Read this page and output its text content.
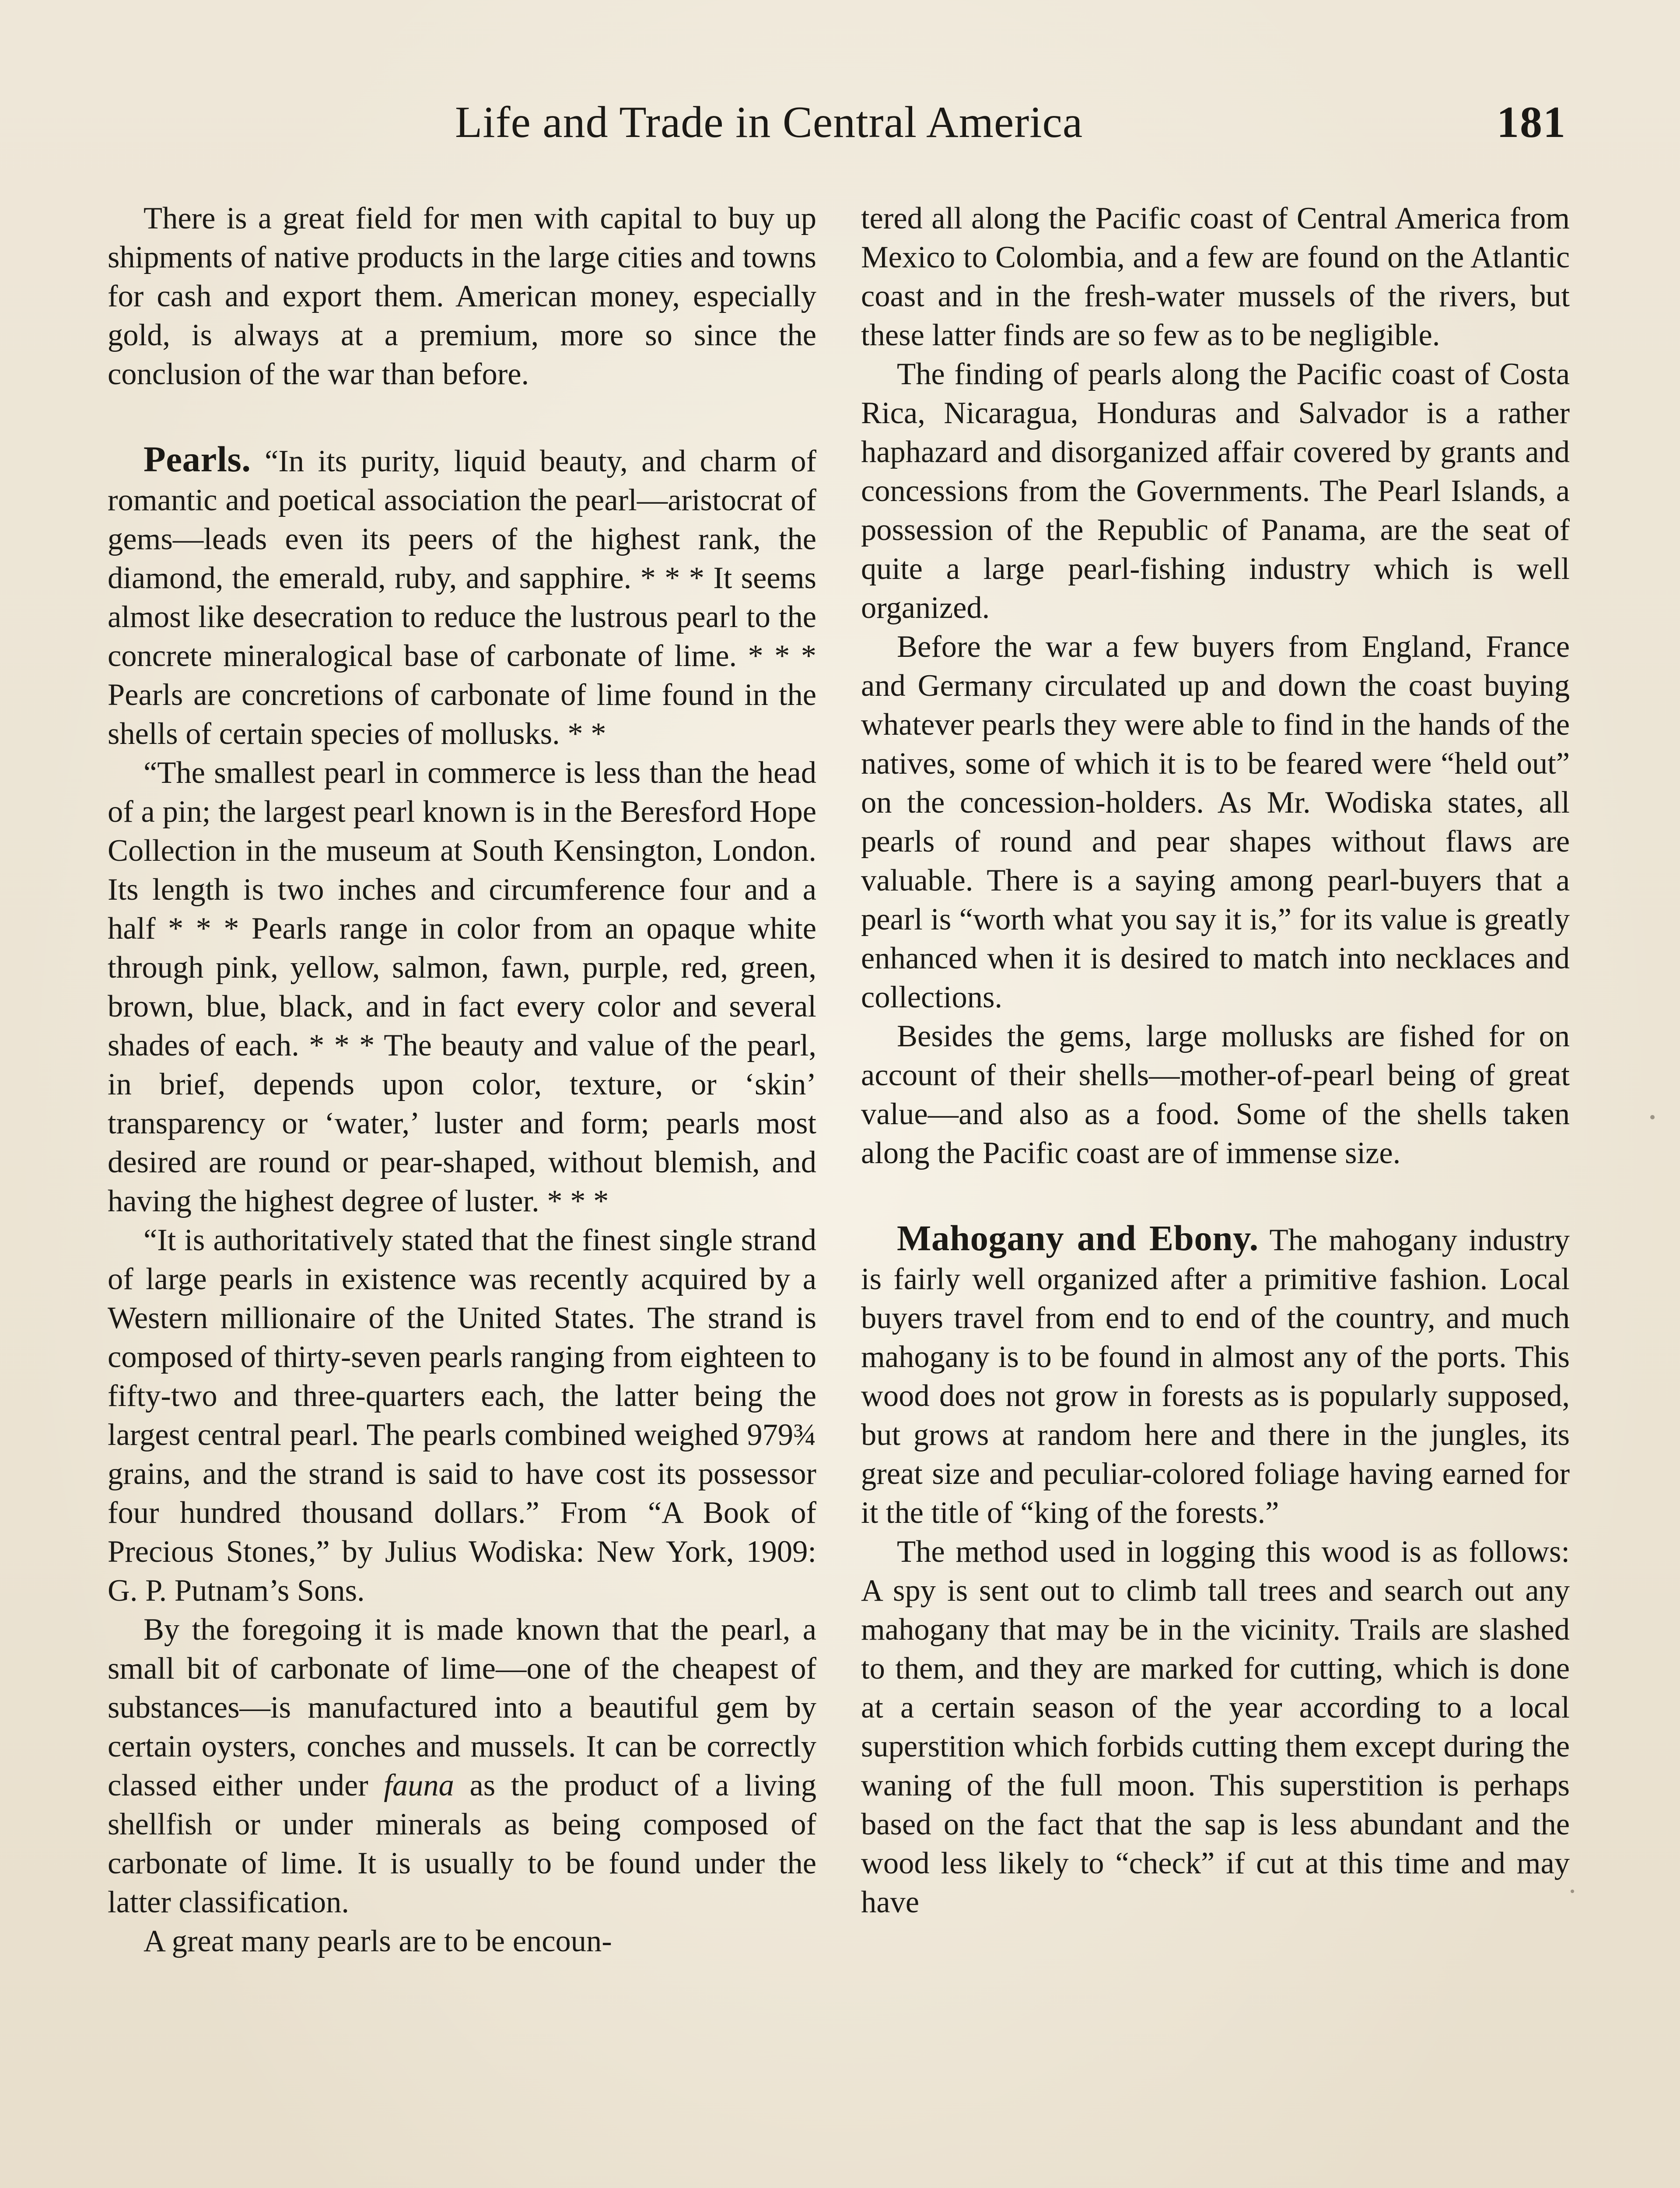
Life and Trade in Central America	181

There is a great field for men with capital to buy up shipments of native products in the large cities and towns for cash and export them. American money, especially gold, is always at a premium, more so since the conclusion of the war than before.

Pearls. “In its purity, liquid beauty, and charm of romantic and poetical association the pearl—aristocrat of gems—leads even its peers of the highest rank, the diamond, the emerald, ruby, and sapphire. * * * It seems almost like desecration to reduce the lustrous pearl to the concrete mineralogical base of carbonate of lime. * * * Pearls are concretions of carbonate of lime found in the shells of certain species of mollusks. * *

“The smallest pearl in commerce is less than the head of a pin; the largest pearl known is in the Beresford Hope Collection in the museum at South Kensington, London. Its length is two inches and circumference four and a half * * * Pearls range in color from an opaque white through pink, yellow, salmon, fawn, purple, red, green, brown, blue, black, and in fact every color and several shades of each. * * * The beauty and value of the pearl, in brief, depends upon color, texture, or ‘skin’ transparency or ‘water,’ luster and form; pearls most desired are round or pear-shaped, without blemish, and having the highest degree of luster. * * *

“It is authoritatively stated that the finest single strand of large pearls in existence was recently acquired by a Western millionaire of the United States. The strand is composed of thirty-seven pearls ranging from eighteen to fifty-two and three-quarters each, the latter being the largest central pearl. The pearls combined weighed 979¾ grains, and the strand is said to have cost its possessor four hundred thousand dollars.” From “A Book of Precious Stones,” by Julius Wodiska: New York, 1909: G. P. Putnam’s Sons.

By the foregoing it is made known that the pearl, a small bit of carbonate of lime—one of the cheapest of substances—is manufactured into a beautiful gem by certain oysters, conches and mussels. It can be correctly classed either under fauna as the product of a living shellfish or under minerals as being composed of carbonate of lime. It is usually to be found under the latter classification.

A great many pearls are to be encoun-

tered all along the Pacific coast of Central America from Mexico to Colombia, and a few are found on the Atlantic coast and in the fresh-water mussels of the rivers, but these latter finds are so few as to be negligible.

The finding of pearls along the Pacific coast of Costa Rica, Nicaragua, Honduras and Salvador is a rather haphazard and disorganized affair covered by grants and concessions from the Governments. The Pearl Islands, a possession of the Republic of Panama, are the seat of quite a large pearl-fishing industry which is well organized.

Before the war a few buyers from England, France and Germany circulated up and down the coast buying whatever pearls they were able to find in the hands of the natives, some of which it is to be feared were “held out” on the concession-holders. As Mr. Wodiska states, all pearls of round and pear shapes without flaws are valuable. There is a saying among pearl-buyers that a pearl is “worth what you say it is,” for its value is greatly enhanced when it is desired to match into necklaces and collections.

Besides the gems, large mollusks are fished for on account of their shells—mother-of-pearl being of great value—and also as a food. Some of the shells taken along the Pacific coast are of immense size.

Mahogany and Ebony. The mahogany industry is fairly well organized after a primitive fashion. Local buyers travel from end to end of the country, and much mahogany is to be found in almost any of the ports. This wood does not grow in forests as is popularly supposed, but grows at random here and there in the jungles, its great size and peculiar-colored foliage having earned for it the title of “king of the forests.”

The method used in logging this wood is as follows: A spy is sent out to climb tall trees and search out any mahogany that may be in the vicinity. Trails are slashed to them, and they are marked for cutting, which is done at a certain season of the year according to a local superstition which forbids cutting them except during the waning of the full moon. This superstition is perhaps based on the fact that the sap is less abundant and the wood less likely to “check” if cut at this time and may have
